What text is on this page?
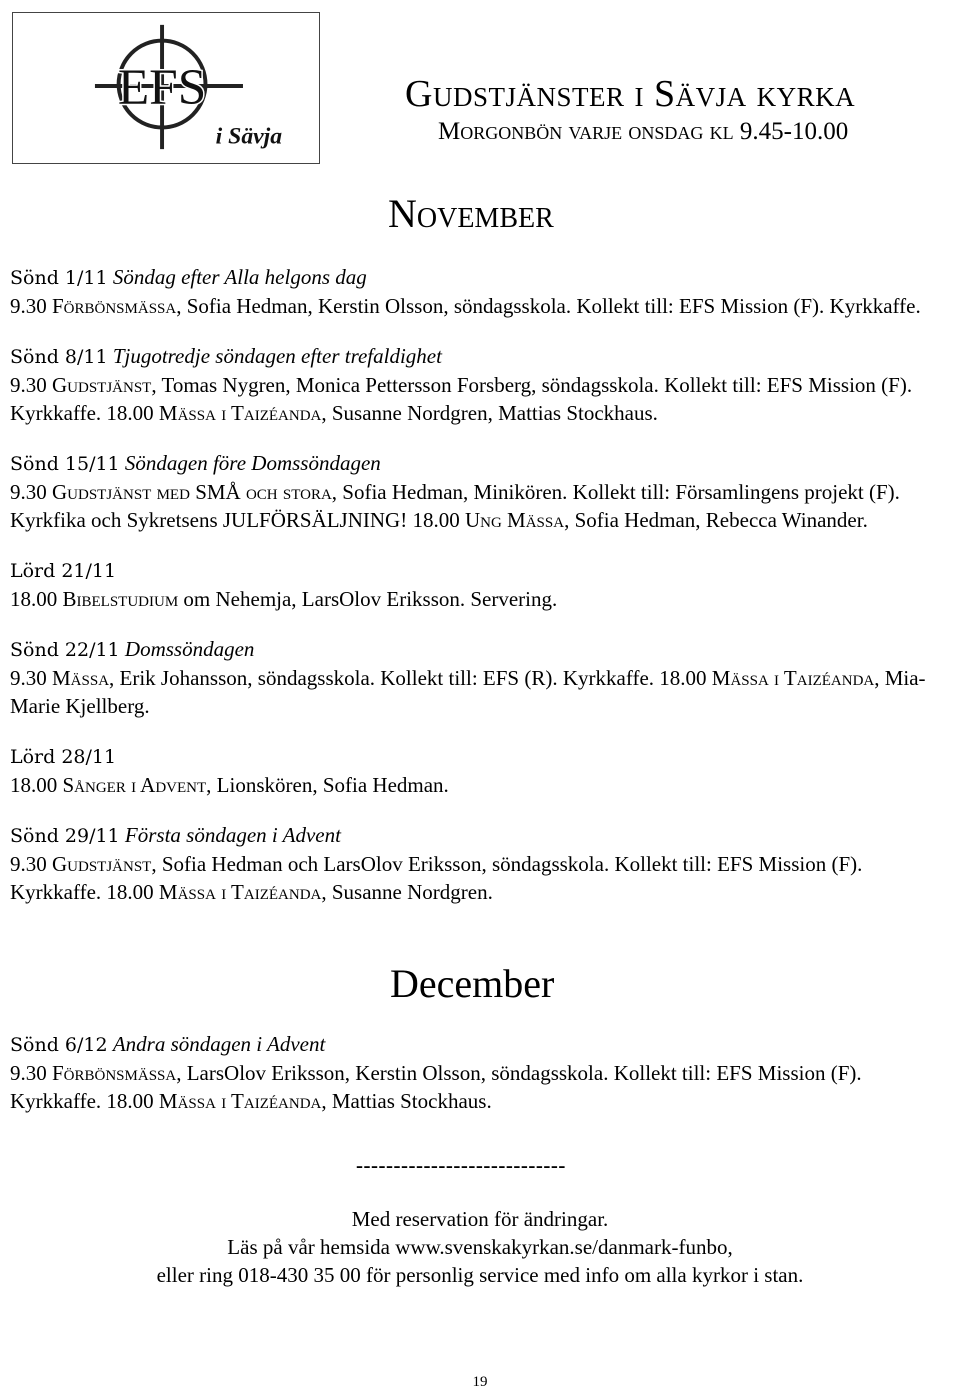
EFS
i Sävja
Gudstjänster i Sävja kyrka
Morgonbön varje onsdag kl 9.45-10.00
November
Sönd 1/11 Söndag efter Alla helgons dag
9.30 Förbönsmässa, Sofia Hedman, Kerstin Olsson, söndagsskola. Kollekt till: EFS Mission (F). Kyrkkaffe.
Sönd 8/11 Tjugotredje söndagen efter trefaldighet
9.30 Gudstjänst, Tomas Nygren, Monica Pettersson Forsberg, söndagsskola. Kollekt till: EFS Mission (F). Kyrkkaffe. 18.00 Mässa i Taizéanda, Susanne Nordgren, Mattias Stockhaus.
Sönd 15/11 Söndagen före Domssöndagen
9.30 Gudstjänst med SMÅ och stora, Sofia Hedman, Minikören. Kollekt till: Församlingens projekt (F). Kyrkfika och Sykretsens JULFÖRSÄLJNING! 18.00 Ung Mässa, Sofia Hedman, Rebecca Winander.
Lörd 21/11
18.00 Bibelstudium om Nehemja, LarsOlov Eriksson. Servering.
Sönd 22/11 Domssöndagen
9.30 Mässa, Erik Johansson, söndagsskola. Kollekt till: EFS (R). Kyrkkaffe. 18.00 Mässa i Taizéanda, Mia-Marie Kjellberg.
Lörd 28/11
18.00 Sånger i Advent, Lionskören, Sofia Hedman.
Sönd 29/11 Första söndagen i Advent
9.30 Gudstjänst, Sofia Hedman och LarsOlov Eriksson, söndagsskola. Kollekt till: EFS Mission (F). Kyrkkaffe. 18.00 Mässa i Taizéanda, Susanne Nordgren.
December
Sönd 6/12 Andra söndagen i Advent
9.30 Förbönsmässa, LarsOlov Eriksson, Kerstin Olsson, söndagsskola. Kollekt till: EFS Mission (F). Kyrkkaffe. 18.00 Mässa i Taizéanda, Mattias Stockhaus.
----------------------------
Med reservation för ändringar.
Läs på vår hemsida www.svenskakyrkan.se/danmark-funbo,
eller ring 018-430 35 00 för personlig service med info om alla kyrkor i stan.
19
